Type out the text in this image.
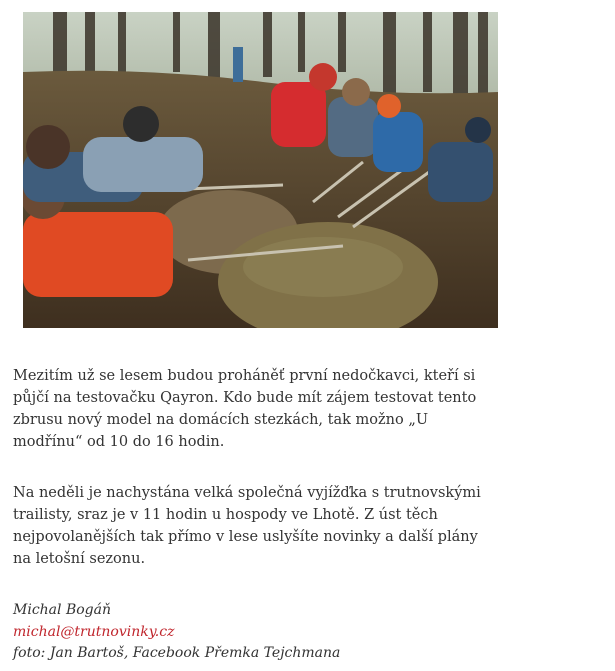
Mezitím už se lesem budou proháněť první nedočkavci, kteří si půjčí na testovačku Qayron. Kdo bude mít zájem testovat tento zbrusu nový model na domácích stezkách, tak možno „U modřínu“ od 10 do 16 hodin.

Na neděli je nachystána velká společná vyjížďka s trutnovskými trailisty, sraz je v 11 hodin u hospody ve Lhotě. Z úst těch nejpovolanějších tak přímo v lese uslyšíte novinky a další plány na letošní sezonu.

Michal Bogáň
michal@trutnovinky.cz
foto: Jan Bartoš, Facebook Přemka Tejchmana
